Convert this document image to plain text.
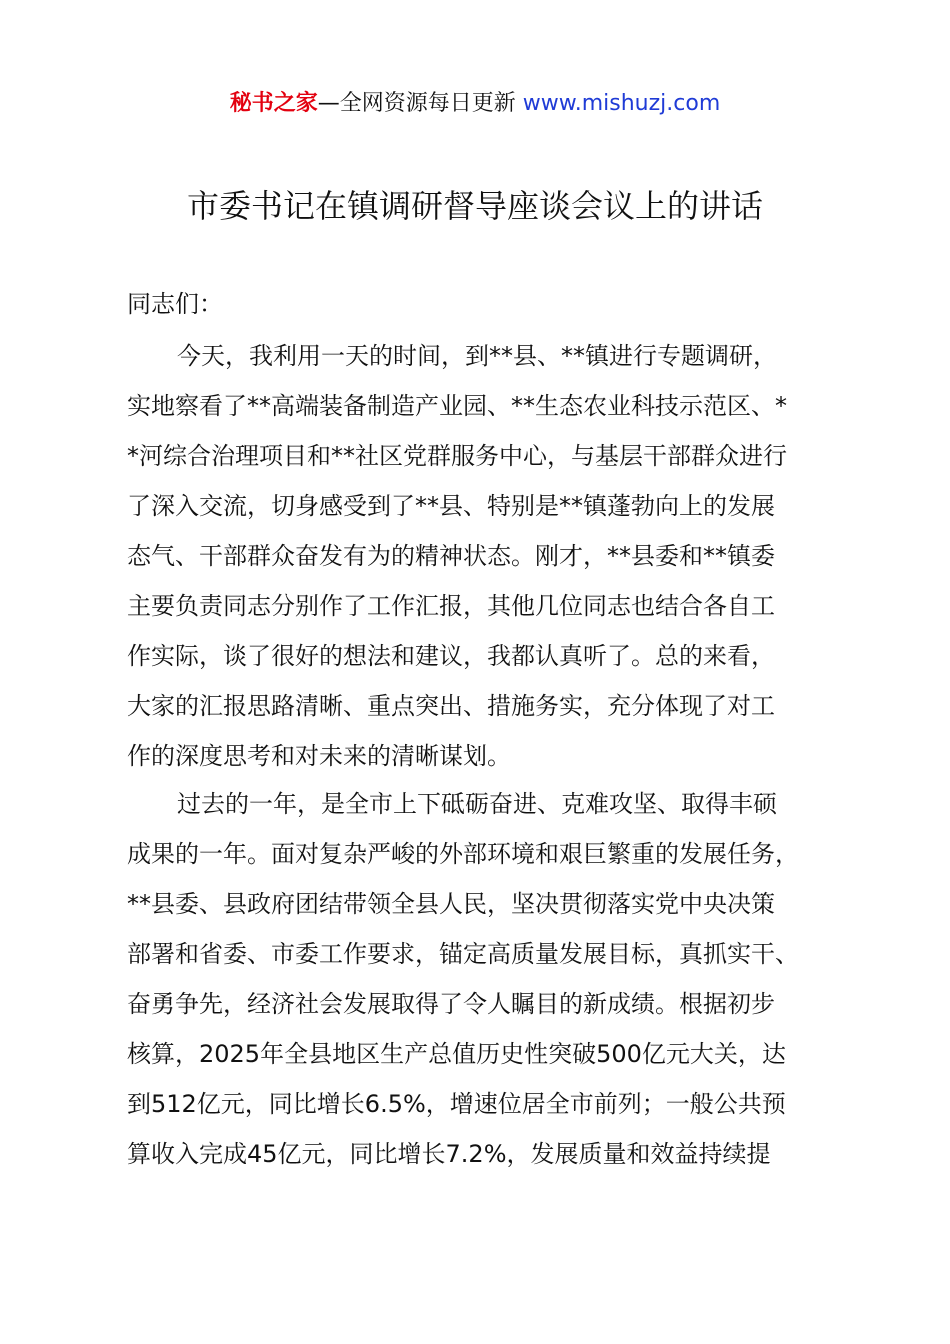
秘书之家—全网资源每日更新 www.mishuzj.com
市委书记在镇调研督导座谈会议上的讲话
同志们：
今天，我利用一天的时间，到**县、**镇进行专题调研，
实地察看了**高端装备制造产业园、**生态农业科技示范区、*
*河综合治理项目和**社区党群服务中心，与基层干部群众进行
了深入交流，切身感受到了**县、特别是**镇蓬勃向上的发展
态气、干部群众奋发有为的精神状态。刚才，**县委和**镇委
主要负责同志分别作了工作汇报，其他几位同志也结合各自工
作实际，谈了很好的想法和建议，我都认真听了。总的来看，
大家的汇报思路清晰、重点突出、措施务实，充分体现了对工
作的深度思考和对未来的清晰谋划。
过去的一年，是全市上下砥砺奋进、克难攻坚、取得丰硕
成果的一年。面对复杂严峻的外部环境和艰巨繁重的发展任务，
**县委、县政府团结带领全县人民，坚决贯彻落实党中央决策
部署和省委、市委工作要求，锚定高质量发展目标，真抓实干、
奋勇争先，经济社会发展取得了令人瞩目的新成绩。根据初步
核算，2025年全县地区生产总值历史性突破500亿元大关，达
到512亿元，同比增长6.5%，增速位居全市前列；一般公共预
算收入完成45亿元，同比增长7.2%，发展质量和效益持续提
